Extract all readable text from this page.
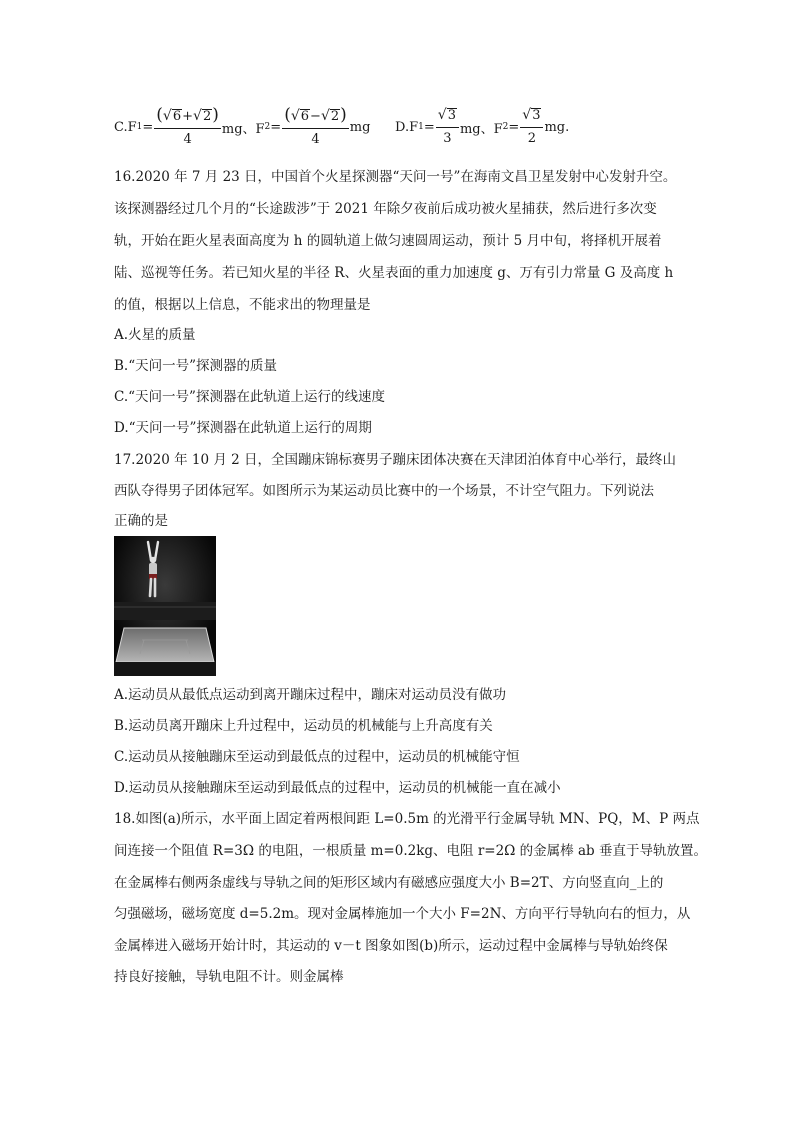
C.F $1 = \frac{( √ 6 + √ 2 )}{4}$ mg、F $2 = \frac{( √ 6 - √ 2 )}{4}$ mg D.F $1 = \frac{√ 3}{3}$ mg、F $2 = \frac{√ 3}{2}$ mg.
16.2020 年 7 月 23 日，中国首个火星探测器“天问一号”在海南文昌卫星发射中心发射升空。
该探测器经过几个月的“长途跋涉”于 2021 年除夕夜前后成功被火星捕获，然后进行多次变
轨，开始在距火星表面高度为 h 的圆轨道上做匀速圆周运动，预计 5 月中旬，将择机开展着
陆、巡视等任务。若已知火星的半径 R、火星表面的重力加速度 g、万有引力常量 G 及高度 h
的值，根据以上信息，不能求出的物理量是
A.火星的质量
B.“天问一号”探测器的质量
C.“天问一号”探测器在此轨道上运行的线速度
D.“天问一号”探测器在此轨道上运行的周期
17.2020 年 10 月 2 日，全国蹦床锦标赛男子蹦床团体决赛在天津团泊体育中心举行，最终山
西队夺得男子团体冠军。如图所示为某运动员比赛中的一个场景，不计空气阻力。下列说法
正确的是
A.运动员从最低点运动到离开蹦床过程中，蹦床对运动员没有做功
B.运动员离开蹦床上升过程中，运动员的机械能与上升高度有关
C.运动员从接触蹦床至运动到最低点的过程中，运动员的机械能守恒
D.运动员从接触蹦床至运动到最低点的过程中，运动员的机械能一直在减小
18.如图(a)所示，水平面上固定着两根间距 L=0.5m 的光滑平行金属导轨 MN、PQ，M、P 两点
间连接一个阻值 R=3Ω 的电阻，一根质量 m=0.2kg、电阻 r=2Ω 的金属棒 ab 垂直于导轨放置。
在金属棒右侧两条虚线与导轨之间的矩形区域内有磁感应强度大小 B=2T、方向竖直向_上的
匀强磁场，磁场宽度 d=5.2m。现对金属棒施加一个大小 F=2N、方向平行导轨向右的恒力，从
金属棒进入磁场开始计时，其运动的 v－t 图象如图(b)所示，运动过程中金属棒与导轨始终保
持良好接触，导轨电阻不计。则金属棒
